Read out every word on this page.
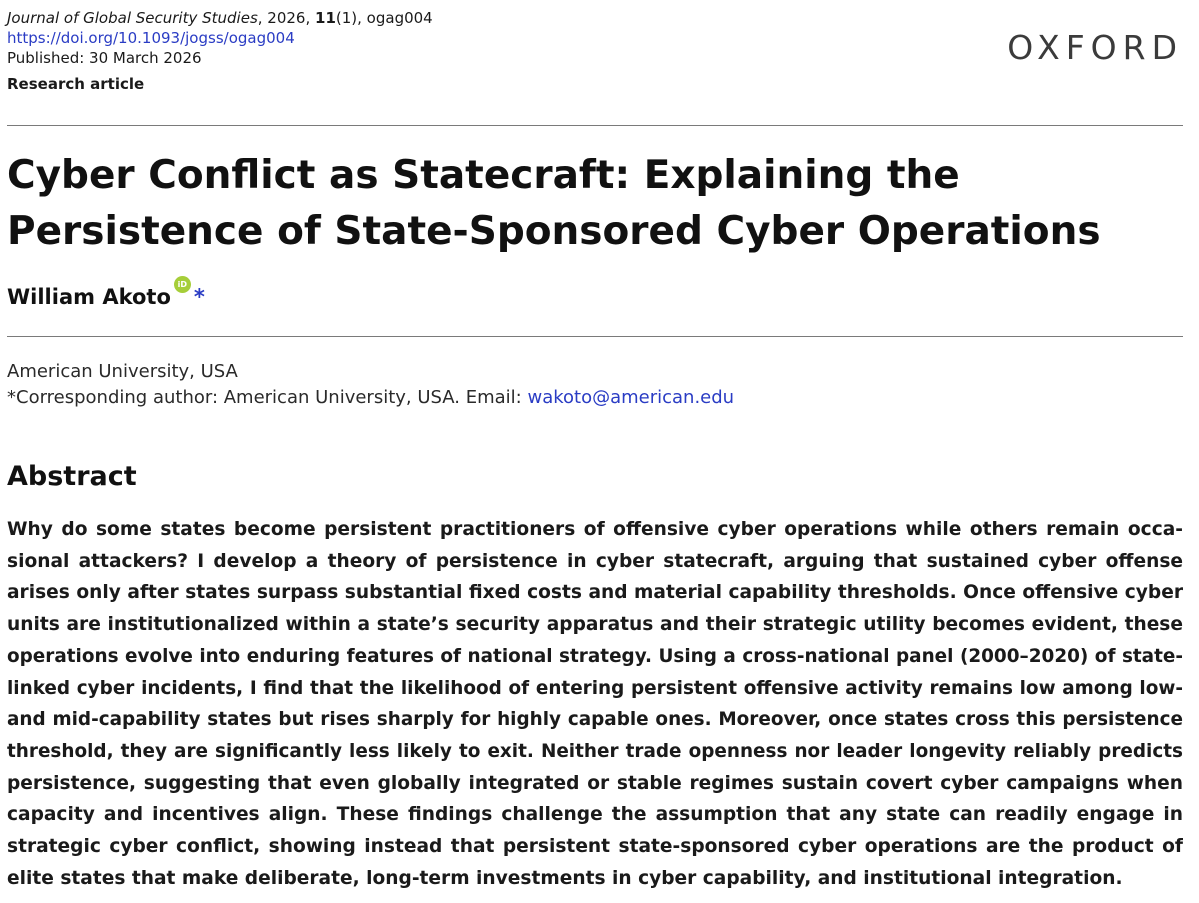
Journal of Global Security Studies, 2026, 11(1), ogag004
https://doi.org/10.1093/jogss/ogag004
Published: 30 March 2026
Research article
OXFORD
Cyber Conflict as Statecraft: Explaining the
Persistence of State-Sponsored Cyber Operations
William AkotoiD*
American University, USA
*Corresponding author: American University, USA. Email: wakoto@american.edu
Abstract
Why do some states become persistent practitioners of offensive cyber operations while others remain occa-
sional attackers? I develop a theory of persistence in cyber statecraft, arguing that sustained cyber offense
arises only after states surpass substantial fixed costs and material capability thresholds. Once offensive cyber
units are institutionalized within a state’s security apparatus and their strategic utility becomes evident, these
operations evolve into enduring features of national strategy. Using a cross-national panel (2000–2020) of state-
linked cyber incidents, I find that the likelihood of entering persistent offensive activity remains low among low-
and mid-capability states but rises sharply for highly capable ones. Moreover, once states cross this persistence
threshold, they are significantly less likely to exit. Neither trade openness nor leader longevity reliably predicts
persistence, suggesting that even globally integrated or stable regimes sustain covert cyber campaigns when
capacity and incentives align. These findings challenge the assumption that any state can readily engage in
strategic cyber conflict, showing instead that persistent state-sponsored cyber operations are the product of
elite states that make deliberate, long-term investments in cyber capability, and institutional integration.
